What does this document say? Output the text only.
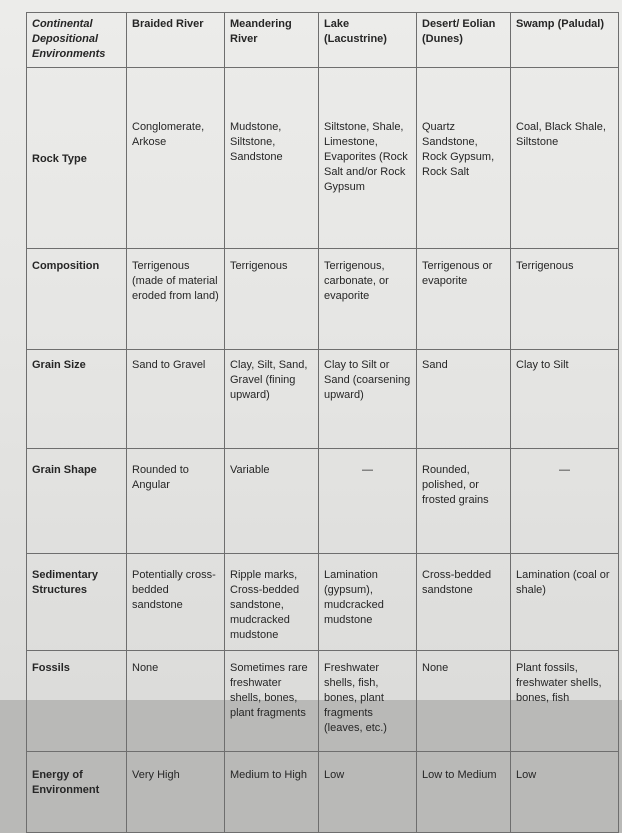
Continental Depositional Environments	Braided River	Meandering River	Lake (Lacustrine)	Desert/ Eolian (Dunes)	Swamp (Paludal)
Rock Type	Conglomerate, Arkose	Mudstone, Siltstone, Sandstone	Siltstone, Shale, Limestone, Evaporites (Rock Salt and/or Rock Gypsum	Quartz Sandstone, Rock Gypsum, Rock Salt	Coal, Black Shale, Siltstone
Composition	Terrigenous (made of material eroded from land)	Terrigenous	Terrigenous, carbonate, or evaporite	Terrigenous or evaporite	Terrigenous
Grain Size	Sand to Gravel	Clay, Silt, Sand, Gravel (fining upward)	Clay to Silt or Sand (coarsening upward)	Sand	Clay to Silt
Grain Shape	Rounded to Angular	Variable	—	Rounded, polished, or frosted grains	—
Sedimentary Structures	Potentially cross-bedded sandstone	Ripple marks, Cross-bedded sandstone, mudcracked mudstone	Lamination (gypsum), mudcracked mudstone	Cross-bedded sandstone	Lamination (coal or shale)
Fossils	None	Sometimes rare freshwater shells, bones, plant fragments	Freshwater shells, fish, bones, plant fragments (leaves, etc.)	None	Plant fossils, freshwater shells, bones, fish
Energy of Environment	Very High	Medium to High	Low	Low to Medium	Low
